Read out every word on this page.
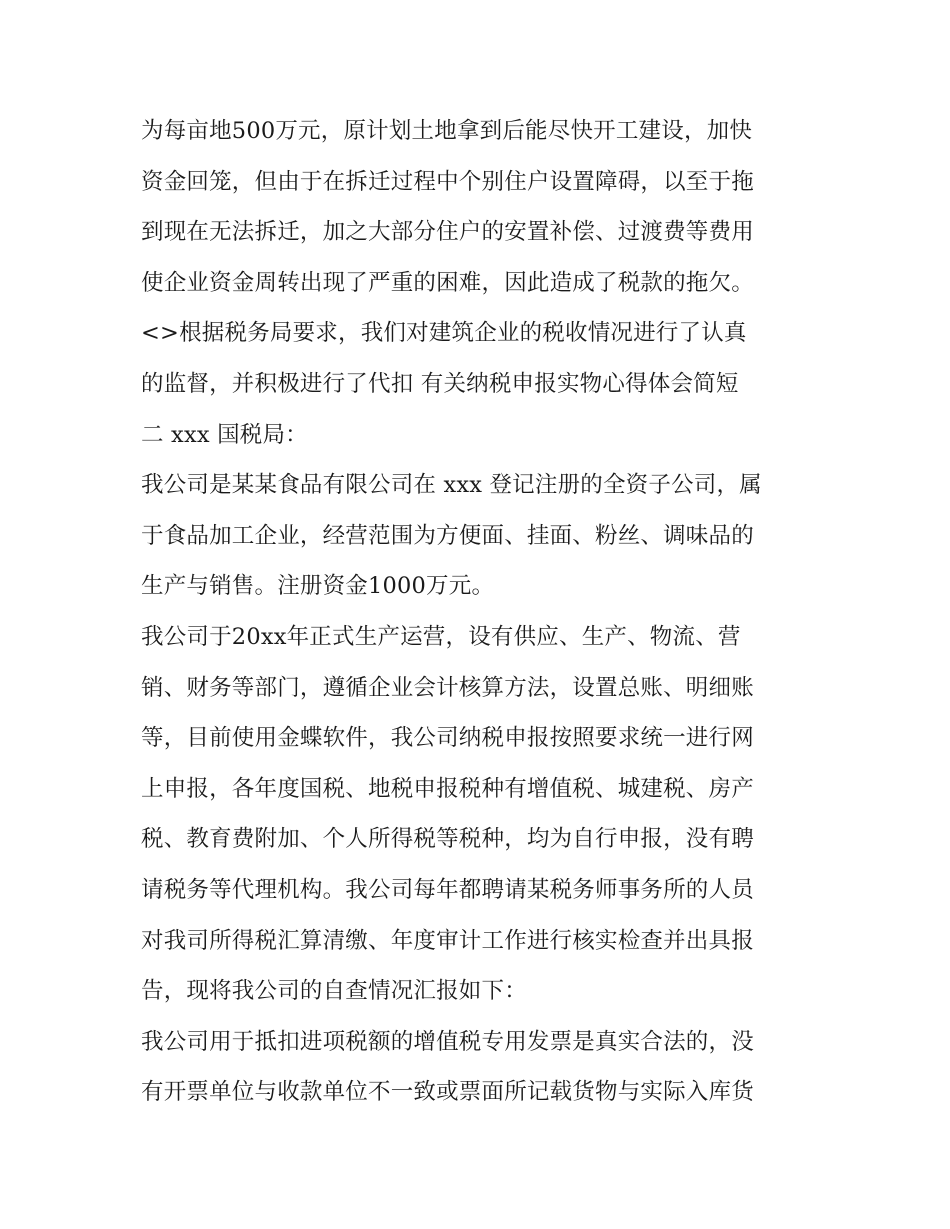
为每亩地500万元，原计划土地拿到后能尽快开工建设，加快
资金回笼，但由于在拆迁过程中个别住户设置障碍，以至于拖
到现在无法拆迁，加之大部分住户的安置补偿、过渡费等费用
使企业资金周转出现了严重的困难，因此造成了税款的拖欠。
<>根据税务局要求，我们对建筑企业的税收情况进行了认真
的监督，并积极进行了代扣 有关纳税申报实物心得体会简短
二 xxx 国税局：
我公司是某某食品有限公司在 xxx 登记注册的全资子公司，属
于食品加工企业，经营范围为方便面、挂面、粉丝、调味品的
生产与销售。注册资金1000万元。
我公司于20xx年正式生产运营，设有供应、生产、物流、营
销、财务等部门，遵循企业会计核算方法，设置总账、明细账
等，目前使用金蝶软件，我公司纳税申报按照要求统一进行网
上申报，各年度国税、地税申报税种有增值税、城建税、房产
税、教育费附加、个人所得税等税种，均为自行申报，没有聘
请税务等代理机构。我公司每年都聘请某税务师事务所的人员
对我司所得税汇算清缴、年度审计工作进行核实检查并出具报
告，现将我公司的自查情况汇报如下：
我公司用于抵扣进项税额的增值税专用发票是真实合法的，没
有开票单位与收款单位不一致或票面所记载货物与实际入库货
